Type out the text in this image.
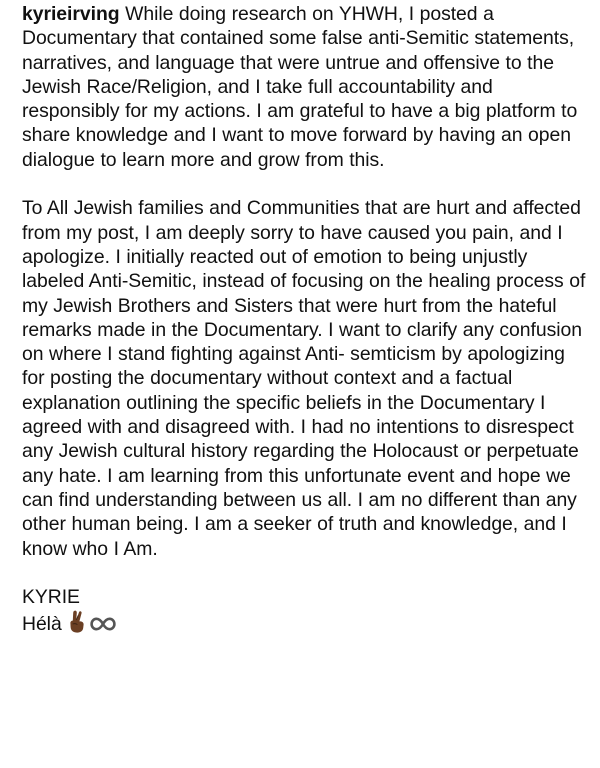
kyrieirving While doing research on YHWH, I posted a Documentary that contained some false anti-Semitic statements, narratives, and language that were untrue and offensive to the Jewish Race/Religion, and I take full accountability and responsibly for my actions. I am grateful to have a big platform to share knowledge and I want to move forward by having an open dialogue to learn more and grow from this.

To All Jewish families and Communities that are hurt and affected from my post, I am deeply sorry to have caused you pain, and I apologize. I initially reacted out of emotion to being unjustly labeled Anti-Semitic, instead of focusing on the healing process of my Jewish Brothers and Sisters that were hurt from the hateful remarks made in the Documentary. I want to clarify any confusion on where I stand fighting against Anti- semticism by apologizing for posting the documentary without context and a factual explanation outlining the specific beliefs in the Documentary I agreed with and disagreed with. I had no intentions to disrespect any Jewish cultural history regarding the Holocaust or perpetuate any hate. I am learning from this unfortunate event and hope we can find understanding between us all. I am no different than any other human being. I am a seeker of truth and knowledge, and I know who I Am.

KYRIE
Hélà
